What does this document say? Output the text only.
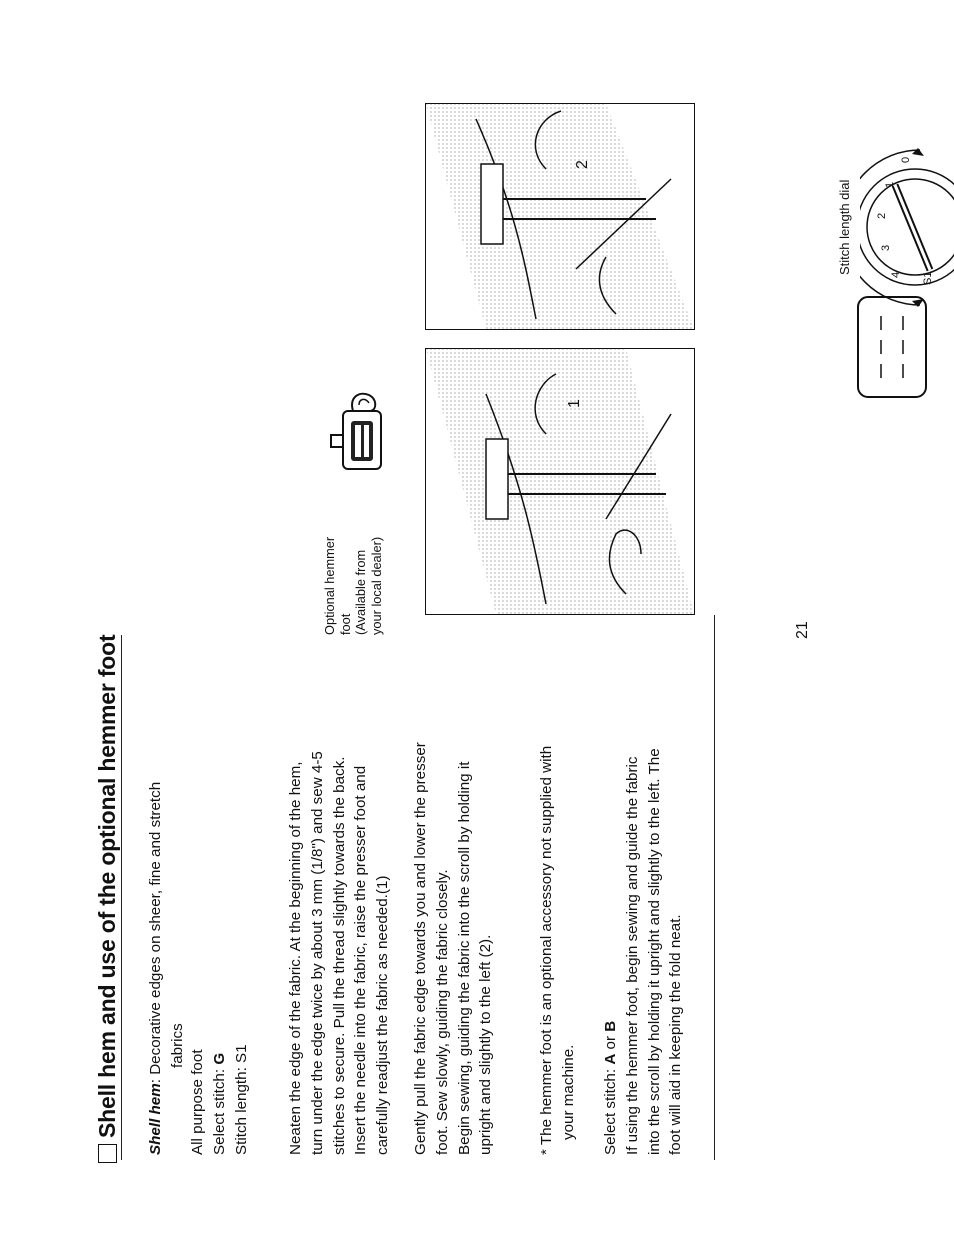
Shell hem and use of the optional hemmer foot Shell hem: Decorative edges on sheer, fine and stretch fabrics

All purpose foot Select stitch: G

Stitch length: S1 Neaten the edge of the fabric. At the beginning of the hem, turn under the edge twice by about 3 mm (1/8") and sew 4-5 stitches to secure. Pull the thread slightly towards the back. Insert the needle into the fabric, raise the presser foot and carefully readjust the fabric as needed.(1) Gently pull the fabric edge towards you and lower the presser foot. Sew slowly, guiding the fabric closely. Begin sewing, guiding the fabric into the scroll by holding it upright and slightly to the left (2).	* The hemmer foot is an optional accessory not supplied with your machine. Select stitch: A or B If using the hemmer foot, begin sewing and guide the fabric into the scroll by holding it upright and slightly to the left. The foot will aid in keeping the fold neat.

Optional hemmer foot (Available from your local dealer)

Stitch length dial
0
1
2
3
4 S1
1
2
21
